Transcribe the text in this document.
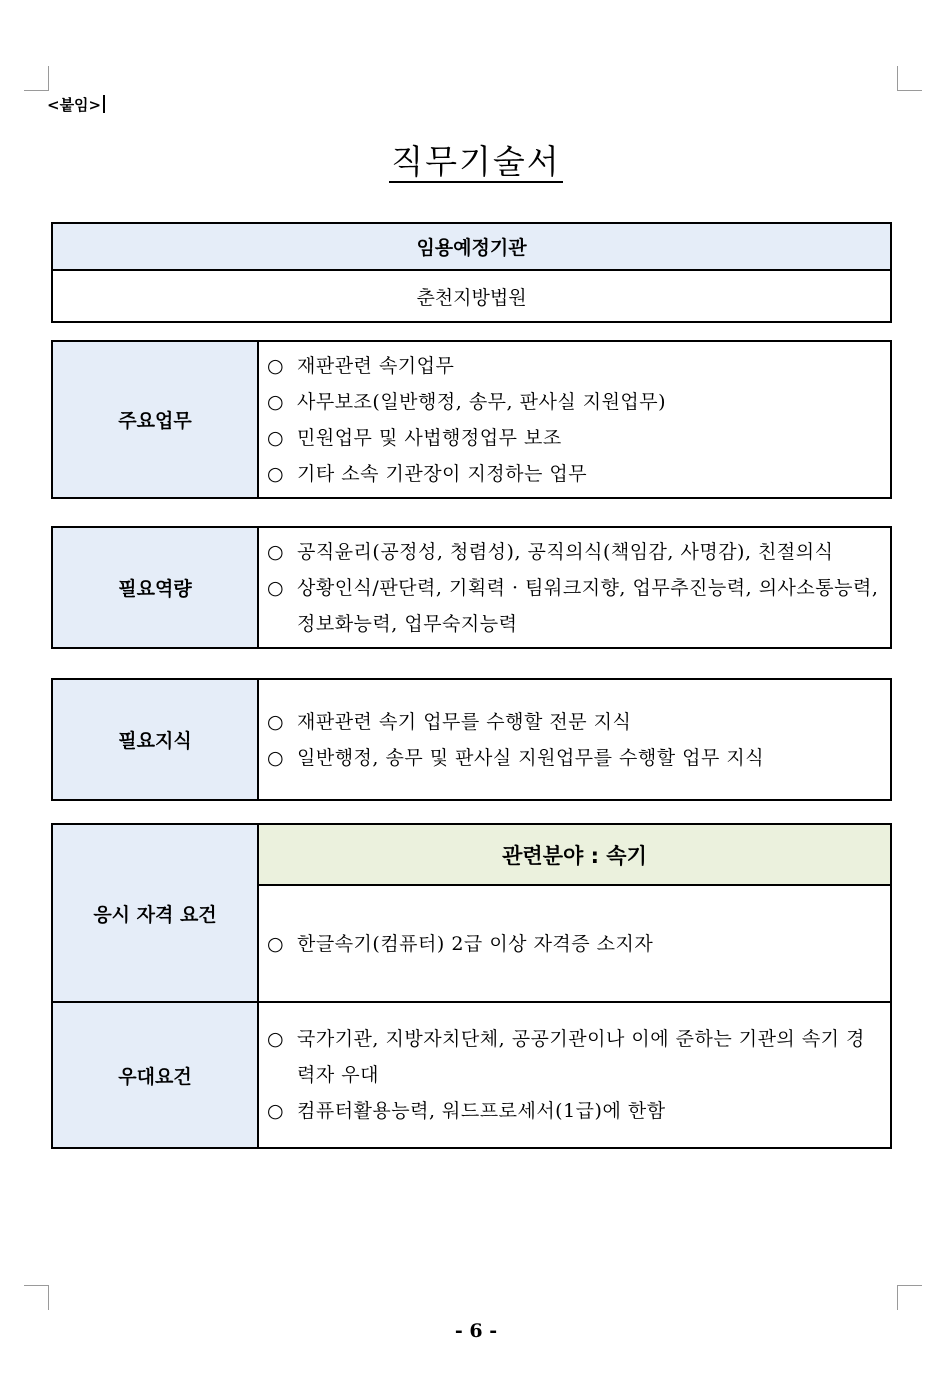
<붙임>
직무기술서
임용예정기관
춘천지방법원
주요업무	
○ 재판관련 속기업무
○ 사무보조(일반행정, 송무, 판사실 지원업무)
○ 민원업무 및 사법행정업무 보조
○ 기타 소속 기관장이 지정하는 업무
필요역량	
○ 공직윤리(공정성, 청렴성), 공직의식(책임감, 사명감), 친절의식
○ 상황인식/판단력, 기획력 · 팀워크지향, 업무추진능력, 의사소통능력, 정보화능력, 업무숙지능력
필요지식	
○ 재판관련 속기 업무를 수행할 전문 지식
○ 일반행정, 송무 및 판사실 지원업무를 수행할 업무 지식
응시 자격 요건	관련분야 : 속기

	○ 한글속기(컴퓨터) 2급 이상 자격증 소지자

우대요건	○ 국가기관, 지방자치단체, 공공기관이나 이에 준하는 기관의 속기 경력자 우대
○ 컴퓨터활용능력, 워드프로세서(1급)에 한함
- 6 -
